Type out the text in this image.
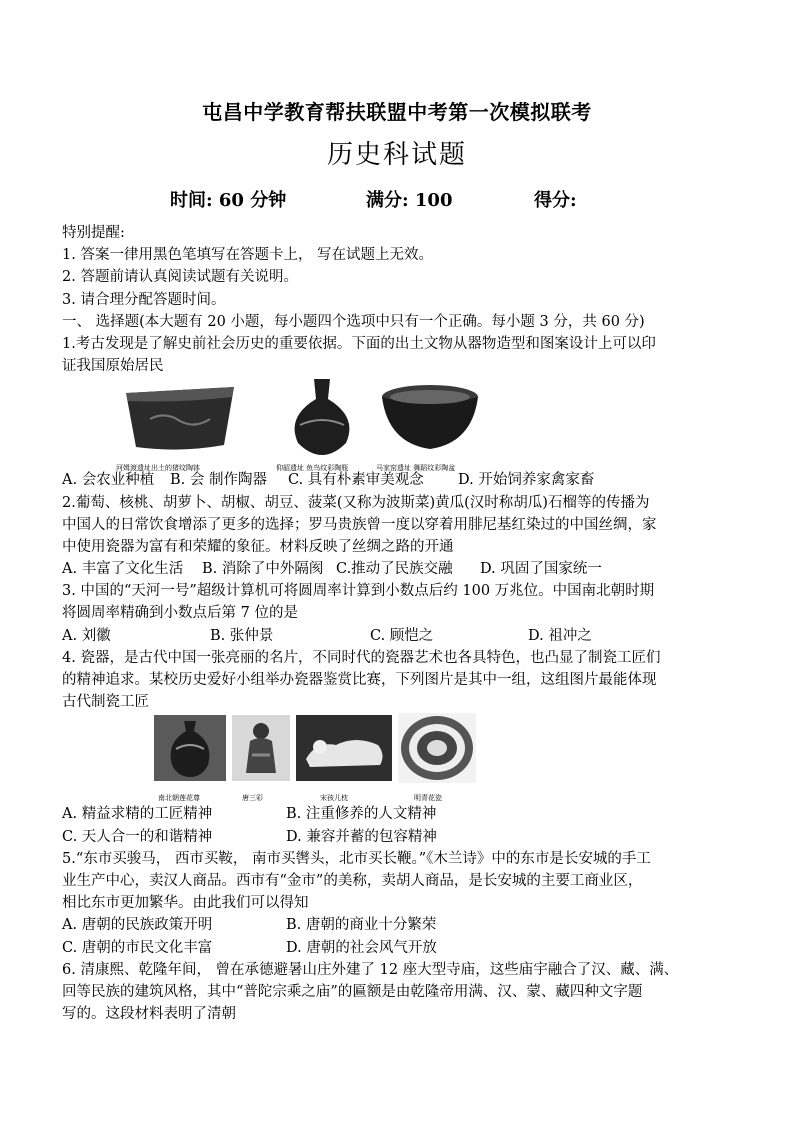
屯昌中学教育帮扶联盟中考第一次模拟联考
历史科试题
时间: 60 分钟	满分: 100	得分:
特别提醒:
1. 答案一律用黑色笔填写在答题卡上， 写在试题上无效。
2. 答题前请认真阅读试题有关说明。
3. 请合理分配答题时间。
一、 选择题(本大题有 20 小题，每小题四个选项中只有一个正确。每小题 3 分，共 60 分)
1.考古发现是了解史前社会历史的重要依据。下面的出土文物从器物造型和图案设计上可以印
证我国原始居民
河姆渡遗址出土的猪纹陶钵	仰韶遗址 鱼鸟纹彩陶瓶	马家窑遗址 舞蹈纹彩陶盆
A. 会农业种植 B. 会 制作陶器 C. 具有朴素审美观念 D. 开始饲养家禽家畜
2.葡萄、核桃、胡萝卜、胡椒、胡豆、菠菜(又称为波斯菜)黄瓜(汉时称胡瓜)石榴等的传播为
中国人的日常饮食增添了更多的选择；罗马贵族曾一度以穿着用腓尼基红染过的中国丝绸，家
中使用瓷器为富有和荣耀的象征。材料反映了丝绸之路的开通
A. 丰富了文化生活 B. 消除了中外隔阂 C.推动了民族交融 D. 巩固了国家统一
3. 中国的“天河一号”超级计算机可将圆周率计算到小数点后约 100 万兆位。中国南北朝时期
将圆周率精确到小数点后第 7 位的是
A. 刘徽	B. 张仲景	C. 顾恺之	D. 祖冲之
4. 瓷器，是古代中国一张亮丽的名片，不同时代的瓷器艺术也各具特色，也凸显了制瓷工匠们
的精神追求。某校历史爱好小组举办瓷器鉴赏比赛，下列图片是其中一组，这组图片最能体现
古代制瓷工匠
南北朝莲花尊	唐三彩	宋孩儿枕	明青花瓷
A. 精益求精的工匠精神	B. 注重修养的人文精神
C. 天人合一的和谐精神	D. 兼容并蓄的包容精神
5.“东市买骏马， 西市买鞍， 南市买辔头，北市买长鞭。”《木兰诗》中的东市是长安城的手工
业生产中心，卖汉人商品。西市有“金市”的美称，卖胡人商品，是长安城的主要工商业区，
相比东市更加繁华。由此我们可以得知
A. 唐朝的民族政策开明	B. 唐朝的商业十分繁荣
C. 唐朝的市民文化丰富	D. 唐朝的社会风气开放
6. 清康熙、乾隆年间， 曾在承德避暑山庄外建了 12 座大型寺庙，这些庙宇融合了汉、藏、满、
回等民族的建筑风格，其中“普陀宗乘之庙”的匾额是由乾隆帝用满、汉、蒙、藏四种文字题
写的。这段材料表明了清朝
